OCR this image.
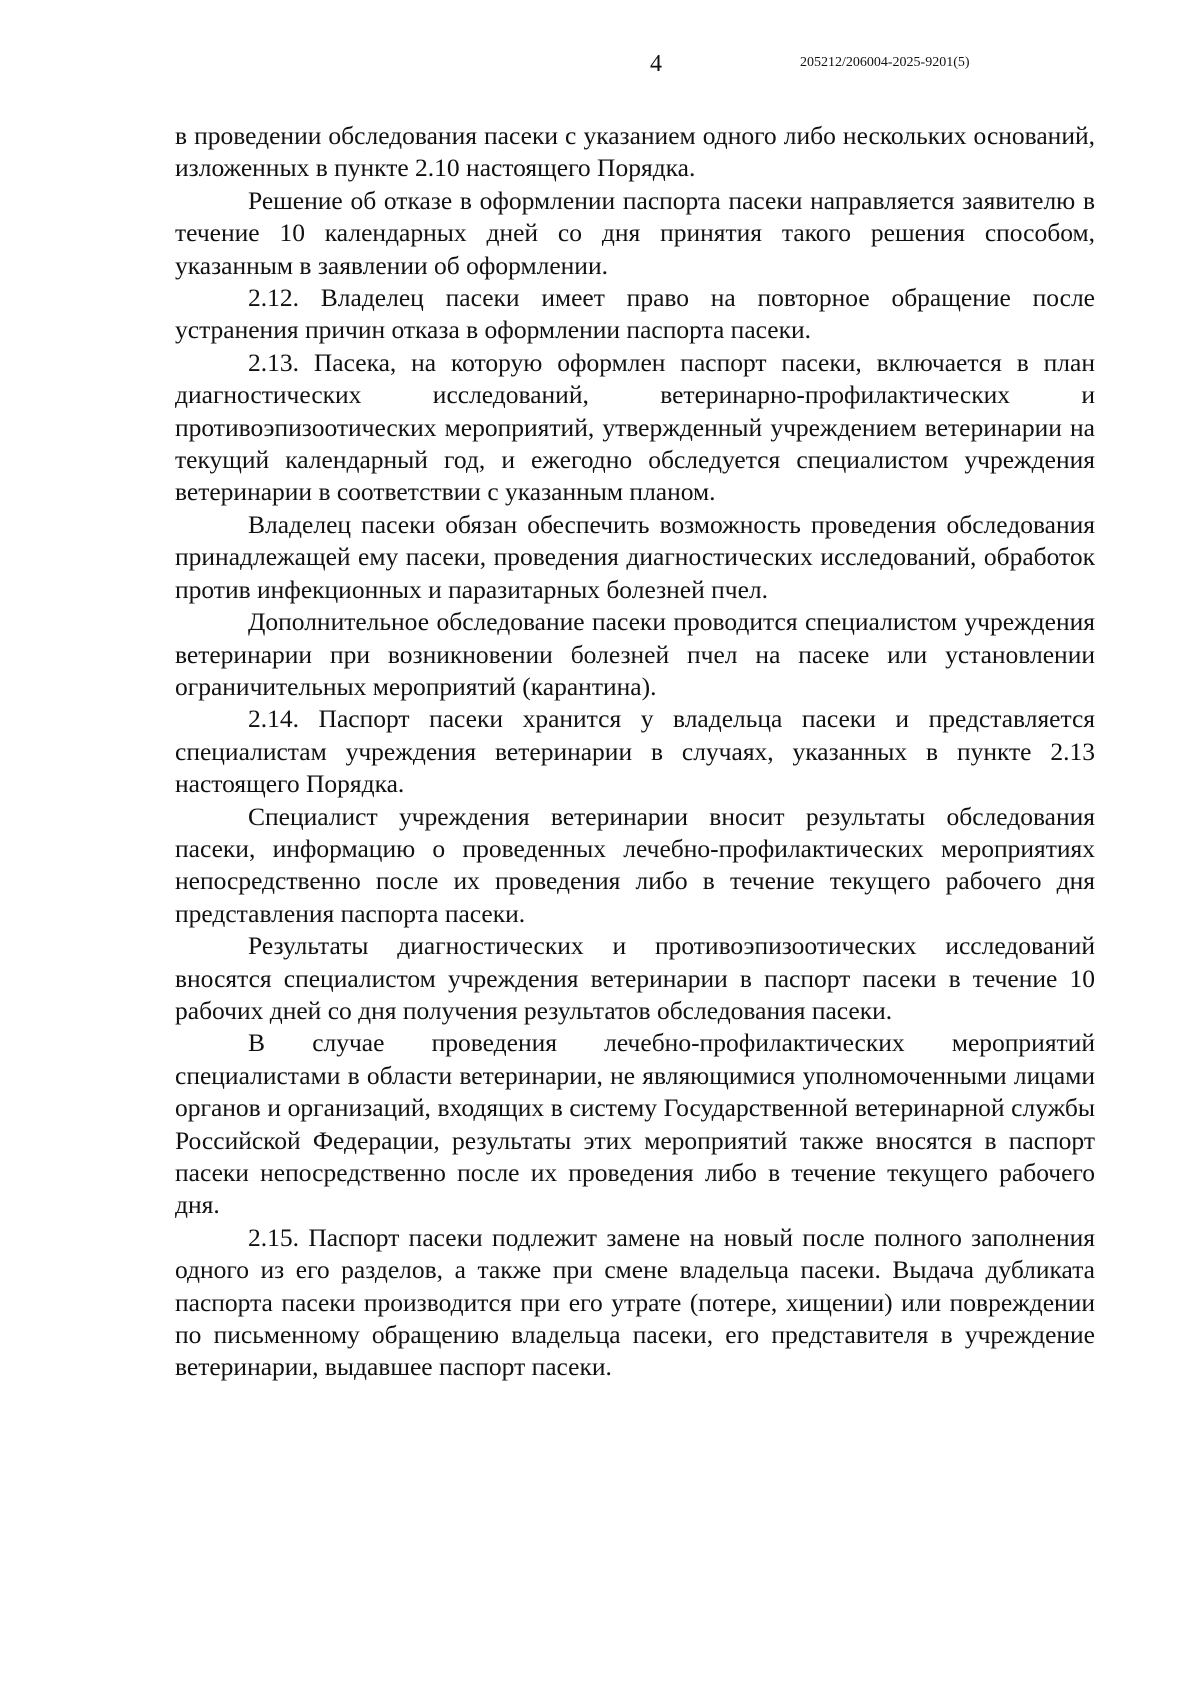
4	205212/206004-2025-9201(5)

в проведении обследования пасеки с указанием одного либо нескольких оснований, изложенных в пункте 2.10 настоящего Порядка.

Решение об отказе в оформлении паспорта пасеки направляется заявителю в течение 10 календарных дней со дня принятия такого решения способом, указанным в заявлении об оформлении.

2.12. Владелец пасеки имеет право на повторное обращение после устранения причин отказа в оформлении паспорта пасеки.

2.13. Пасека, на которую оформлен паспорт пасеки, включается в план диагностических исследований, ветеринарно-профилактических и противоэпизоотических мероприятий, утвержденный учреждением ветеринарии на текущий календарный год, и ежегодно обследуется специалистом учреждения ветеринарии в соответствии с указанным планом.

Владелец пасеки обязан обеспечить возможность проведения обследования принадлежащей ему пасеки, проведения диагностических исследований, обработок против инфекционных и паразитарных болезней пчел.

Дополнительное обследование пасеки проводится специалистом учреждения ветеринарии при возникновении болезней пчел на пасеке или установлении ограничительных мероприятий (карантина).

2.14. Паспорт пасеки хранится у владельца пасеки и представляется специалистам учреждения ветеринарии в случаях, указанных в пункте 2.13 настоящего Порядка.

Специалист учреждения ветеринарии вносит результаты обследования пасеки, информацию о проведенных лечебно-профилактических мероприятиях непосредственно после их проведения либо в течение текущего рабочего дня представления паспорта пасеки.

Результаты диагностических и противоэпизоотических исследований вносятся специалистом учреждения ветеринарии в паспорт пасеки в течение 10 рабочих дней со дня получения результатов обследования пасеки.

В случае проведения лечебно-профилактических мероприятий специалистами в области ветеринарии, не являющимися уполномоченными лицами органов и организаций, входящих в систему Государственной ветеринарной службы Российской Федерации, результаты этих мероприятий также вносятся в паспорт пасеки непосредственно после их проведения либо в течение текущего рабочего дня.

2.15. Паспорт пасеки подлежит замене на новый после полного заполнения одного из его разделов, а также при смене владельца пасеки. Выдача дубликата паспорта пасеки производится при его утрате (потере, хищении) или повреждении по письменному обращению владельца пасеки, его представителя в учреждение ветеринарии, выдавшее паспорт пасеки.
